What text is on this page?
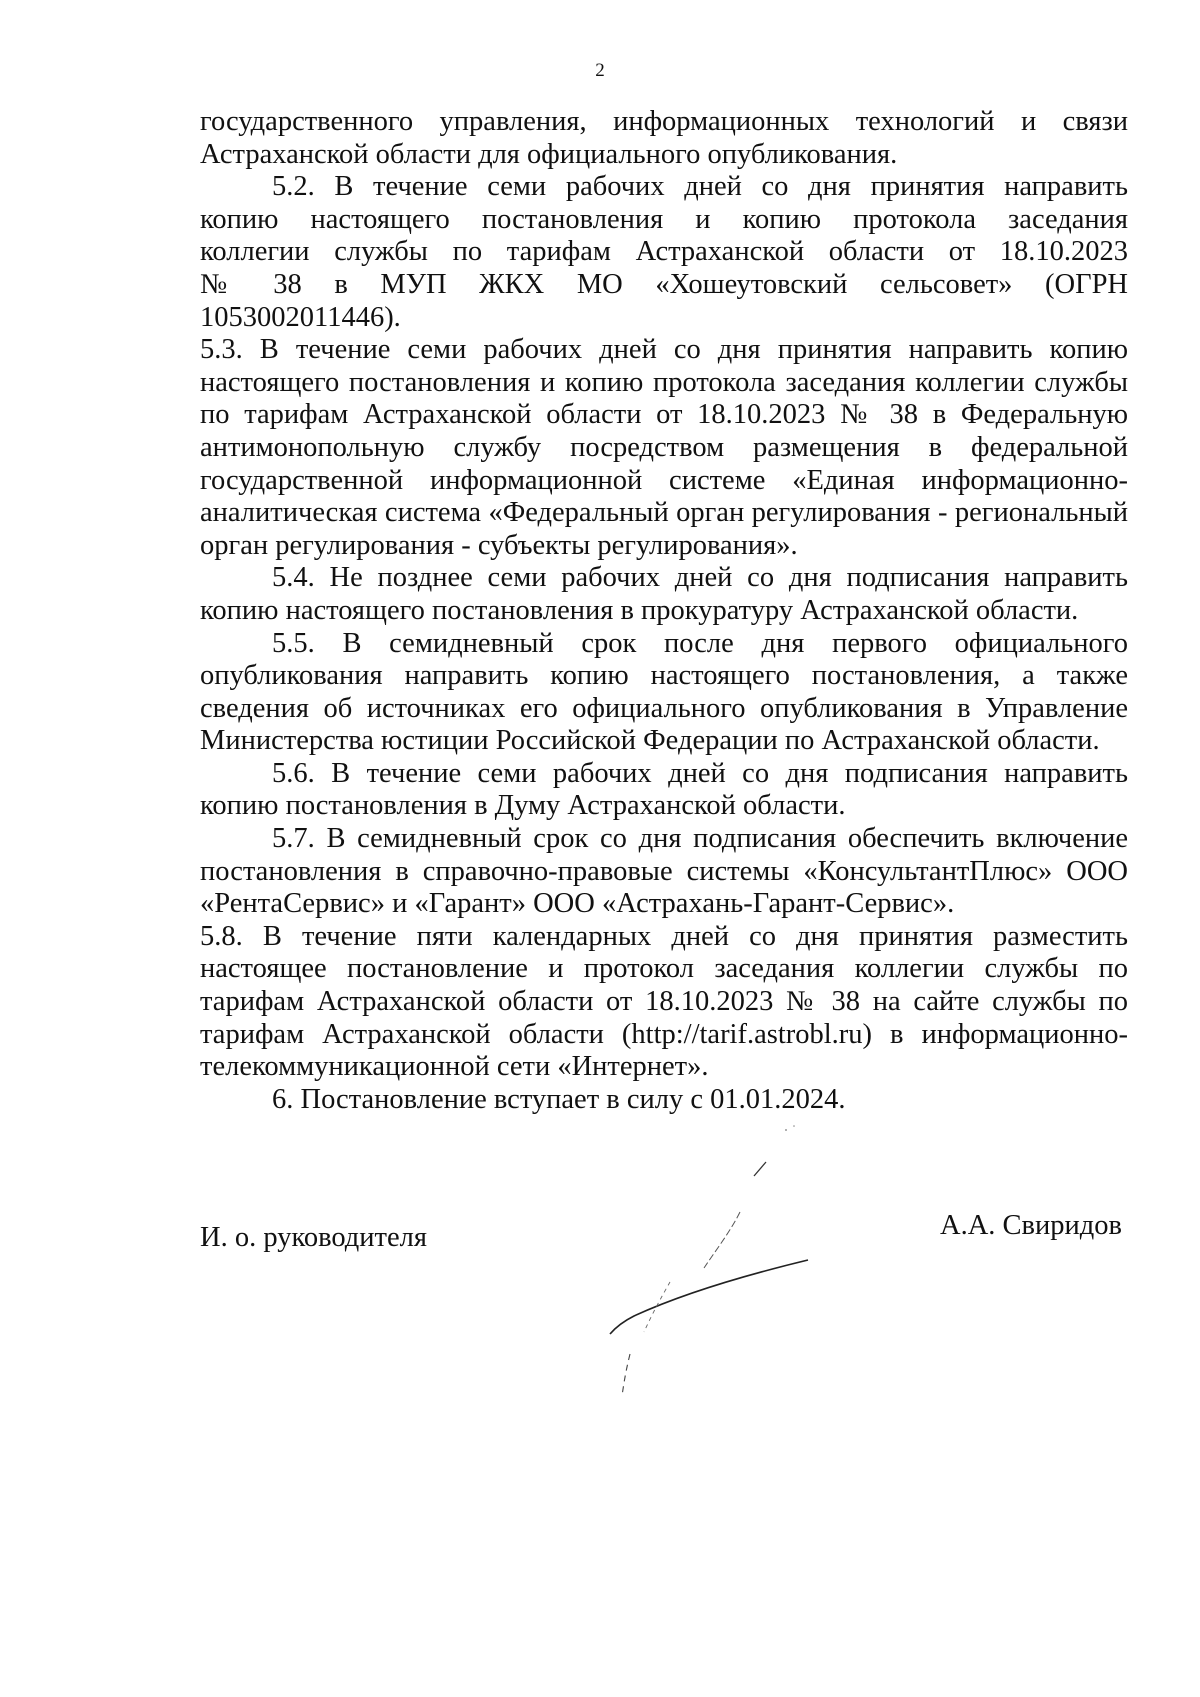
2

государственного управления, информационных технологий и связи Астраханской области для официального опубликования.

5.2. В течение семи рабочих дней со дня принятия направить копию настоящего постановления и копию протокола заседания коллегии службы по тарифам Астраханской области от 18.10.2023 № 38 в МУП ЖКХ МО «Хошеутовский сельсовет» (ОГРН 1053002011446).

5.3. В течение семи рабочих дней со дня принятия направить копию настоящего постановления и копию протокола заседания коллегии службы по тарифам Астраханской области от 18.10.2023 № 38 в Федеральную антимонопольную службу посредством размещения в федеральной государственной информационной системе «Единая информационно-аналитическая система «Федеральный орган регулирования - региональный орган регулирования - субъекты регулирования».

5.4. Не позднее семи рабочих дней со дня подписания направить копию настоящего постановления в прокуратуру Астраханской области.

5.5. В семидневный срок после дня первого официального опубликования направить копию настоящего постановления, а также сведения об источниках его официального опубликования в Управление Министерства юстиции Российской Федерации по Астраханской области.

5.6. В течение семи рабочих дней со дня подписания направить копию постановления в Думу Астраханской области.

5.7. В семидневный срок со дня подписания обеспечить включение постановления в справочно-правовые системы «КонсультантПлюс» ООО «РентаСервис» и «Гарант» ООО «Астрахань-Гарант-Сервис».

5.8. В течение пяти календарных дней со дня принятия разместить настоящее постановление и протокол заседания коллегии службы по тарифам Астраханской области от 18.10.2023 № 38 на сайте службы по тарифам Астраханской области (http://tarif.astrobl.ru) в информационно-телекоммуникационной сети «Интернет».

6. Постановление вступает в силу с 01.01.2024.

И. о. руководителя	А.А. Свиридов
